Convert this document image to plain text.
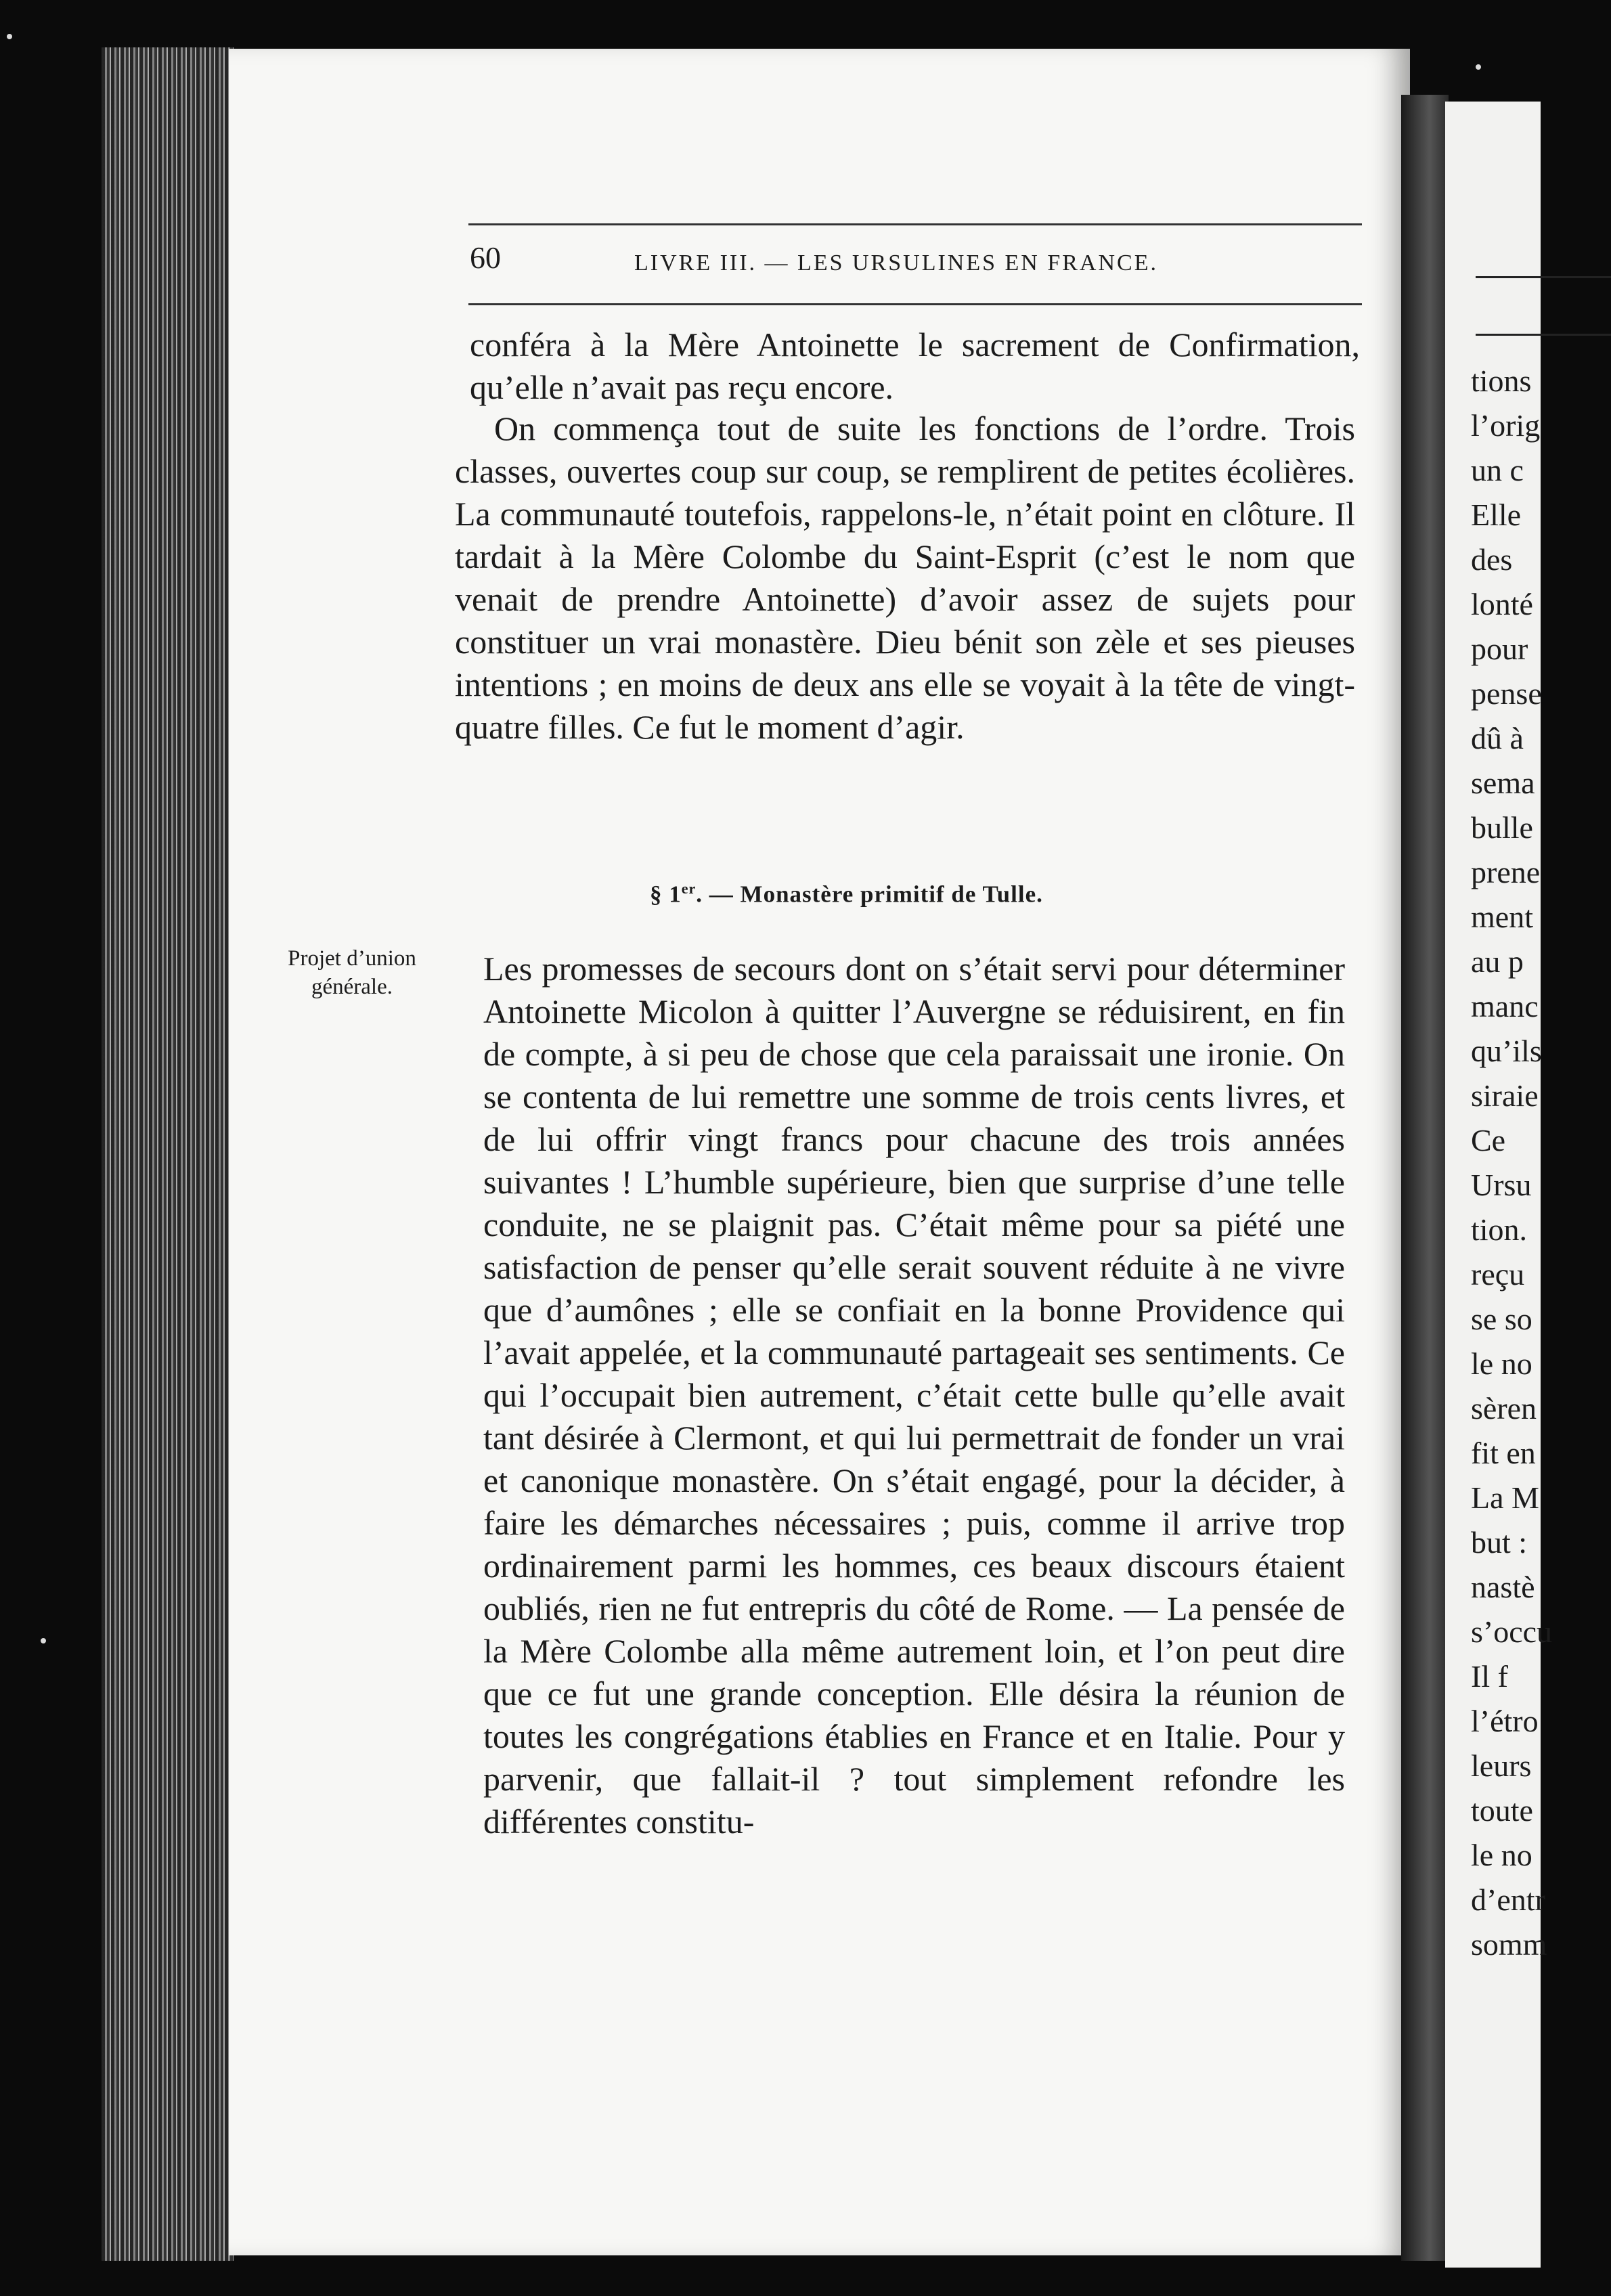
tions
l’orig
un c
Elle
des
lonté
pour
pense
dû à
sema
bulle
prene
ment
au p
manc
qu’ils
siraie
Ce
Ursu
tion.
reçu
se so
le no
sèren
fit en
La M
but :
nastè
s’occu
Il f
l’étro
leurs
toute
le no
d’entr
somm
60	LIVRE III. — LES URSULINES EN FRANCE.

conféra à la Mère Antoinette le sacrement de Confirmation, qu’elle n’avait pas reçu encore.

On commença tout de suite les fonctions de l’ordre. Trois classes, ouvertes coup sur coup, se remplirent de petites écolières. La communauté toutefois, rappelons-le, n’était point en clôture. Il tardait à la Mère Colombe du Saint-Esprit (c’est le nom que venait de prendre Antoinette) d’avoir assez de sujets pour constituer un vrai monastère. Dieu bénit son zèle et ses pieuses intentions ; en moins de deux ans elle se voyait à la tête de vingt-quatre filles. Ce fut le moment d’agir.

§ 1er. — Monastère primitif de Tulle.
Projet d’union générale.	Les promesses de secours dont on s’était servi pour déterminer Antoinette Micolon à quitter l’Auvergne se réduisirent, en fin de compte, à si peu de chose que cela paraissait une ironie. On se contenta de lui remettre une somme de trois cents livres, et de lui offrir vingt francs pour chacune des trois années suivantes ! L’humble supérieure, bien que surprise d’une telle conduite, ne se plaignit pas. C’était même pour sa piété une satisfaction de penser qu’elle serait souvent réduite à ne vivre que d’aumônes ; elle se confiait en la bonne Providence qui l’avait appelée, et la communauté partageait ses sentiments. Ce qui l’occupait bien autrement, c’était cette bulle qu’elle avait tant désirée à Clermont, et qui lui permettrait de fonder un vrai et canonique monastère. On s’était engagé, pour la décider, à faire les démarches nécessaires ; puis, comme il arrive trop ordinairement parmi les hommes, ces beaux discours étaient oubliés, rien ne fut entrepris du côté de Rome. — La pensée de la Mère Colombe alla même autrement loin, et l’on peut dire que ce fut une grande conception. Elle désira la réunion de toutes les congrégations établies en France et en Italie. Pour y parvenir, que fallait-il ? tout simplement refondre les différentes constitu-
